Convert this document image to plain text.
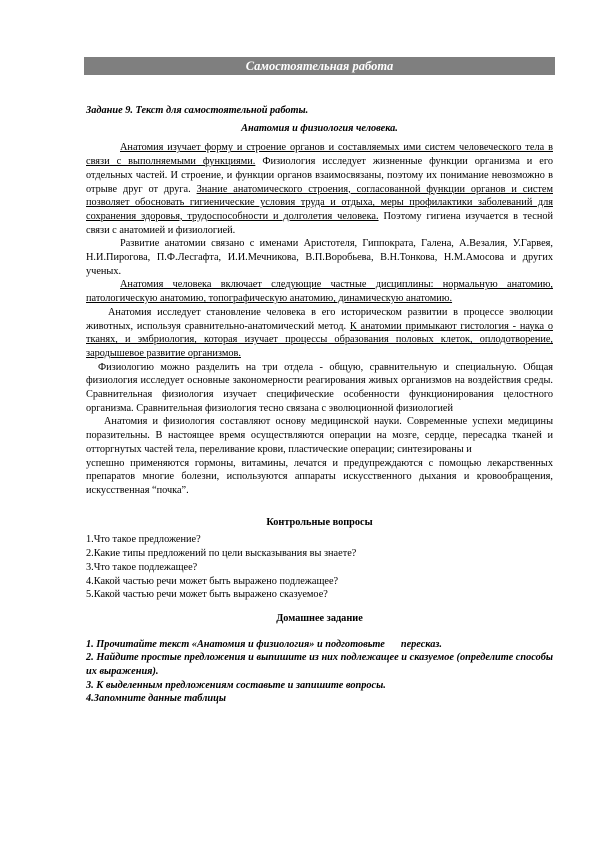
Самостоятельная работа

Задание 9. Текст для самостоятельной работы.

Анатомия и физиология человека.

Анатомия изучает форму и строение органов и составляемых ими систем человеческого тела в связи с выполняемыми функциями. Физиология исследует жизненные функции организма и его отдельных частей. И строение, и функции органов взаимосвязаны, поэтому их понимание невозможно в отрыве друг от друга. Знание анатомического строения, согласованной функции органов и систем позволяет обосновать гигиенические условия труда и отдыха, меры профилактики заболеваний для сохранения здоровья, трудоспособности и долголетия человека. Поэтому гигиена изучается в тесной связи с анатомией и физиологией.

Развитие анатомии связано с именами Аристотеля, Гиппократа, Галена, А.Везалия, У.Гарвея, Н.И.Пирогова, П.Ф.Лесгафта, И.И.Мечникова, В.П.Воробьева, В.Н.Тонкова, Н.М.Амосова и других ученых.

Анатомия человека включает следующие частные дисциплины: нормальную анатомию, патологическую анатомию, топографическую анатомию, динамическую анатомию.

Анатомия исследует становление человека в его историческом развитии в процессе эволюции животных, используя сравнительно-анатомический метод. К анатомии примыкают гистология - наука о тканях, и эмбриология, которая изучает процессы образования половых клеток, оплодотворение, зародышевое развитие организмов.

Физиологию можно разделить на три отдела - общую, сравнительную и специальную. Общая физиология исследует основные закономерности реагирования живых организмов на воздействия среды. Сравнительная физиология изучает специфические особенности функционирования целостного организма. Сравнительная физиология тесно связана с эволюционной физиологией

Анатомия и физиология составляют основу медицинской науки. Современные успехи медицины поразительны. В настоящее время осуществляются операции на мозге, сердце, пересадка тканей и отторгнутых частей тела, переливание крови, пластические операции; синтезированы и

успешно применяются гормоны, витамины, лечатся и предупреждаются с помощью лекарственных препаратов многие болезни, используются аппараты искусственного дыхания и кровообращения, искусственная “почка”.

Контрольные вопросы

1.Что такое предложение?

2.Какие типы предложений по цели высказывания вы знаете?

3.Что такое подлежащее?

4.Какой частью речи может быть выражено подлежащее?

5.Какой частью речи может быть выражено сказуемое?

Домашнее задание

1. Прочитайте текст «Анатомия и физиология» и подготовьте пересказ.

2. Найдите простые предложения и выпишите из них подлежащее и сказуемое (определите способы их выражения).

3. К выделенным предложениям составьте и запишите вопросы.

4.Запомните данные таблицы
